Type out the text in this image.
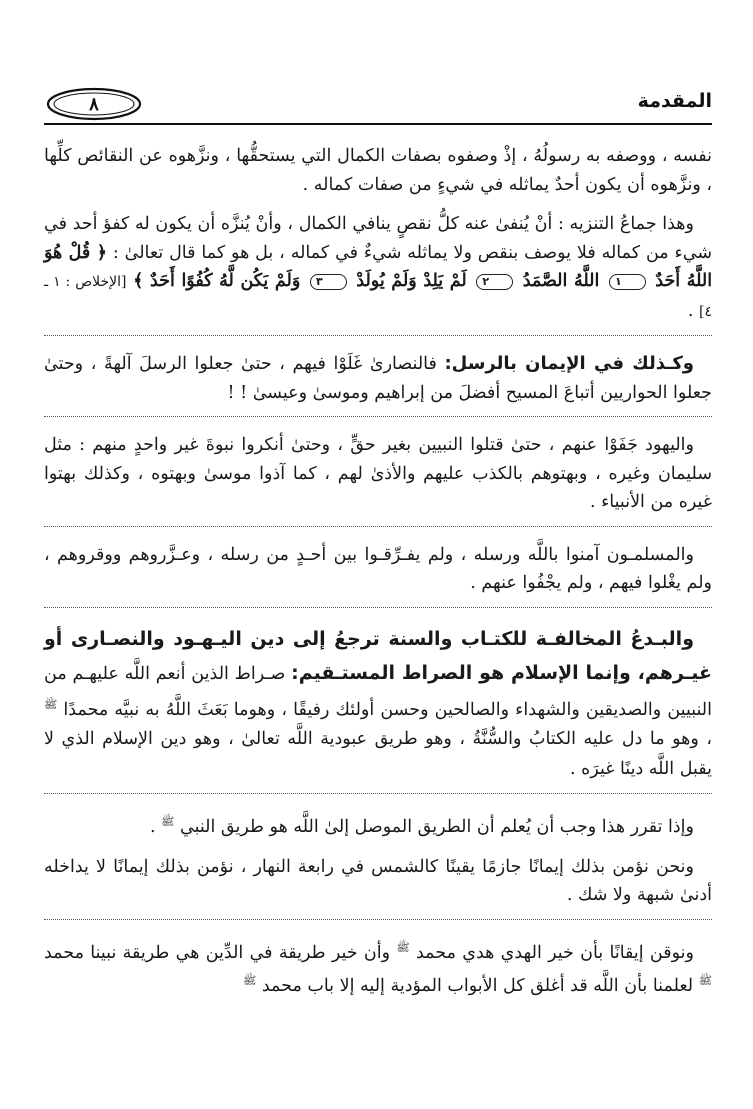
٨	المقدمة

نفسه ، ووصفه به رسولُهُ ، إذْ وصفوه بصفات الكمال التي يستحقُّها ، ونزَّهوه عن النقائص كلِّها ، ونزَّهوه أن يكون أحدٌ يماثله في شيءٍ من صفات كماله .

وهذا جماعُ التنزيه : أنْ يُنفىٰ عنه كلُّ نقصٍ ينافي الكمال ، وأنْ يُنزَّه أن يكون له كفؤ أحد في شيء من كماله فلا يوصف بنقص ولا يماثله شيءٌ في كماله ، بل هو كما قال تعالىٰ : ﴿ قُلْ هُوَ اللَّهُ أَحَدٌ ١ اللَّهُ الصَّمَدُ ٢ لَمْ يَلِدْ وَلَمْ يُولَدْ ٣ وَلَمْ يَكُن لَّهُ كُفُوًا أَحَدٌ ﴾ [الإخلاص : ١ ـ ٤] .

وكـذلك في الإيمان بالرسل: فالنصارىٰ غَلَوْا فيهم ، حتىٰ جعلوا الرسلَ آلهةً ، وحتىٰ جعلوا الحواريين أتباعَ المسيح أفضلَ من إبراهيم وموسىٰ وعيسىٰ ! !

واليهود جَفَوْا عنهم ، حتىٰ قتلوا النبيين بغير حقٍّ ، وحتىٰ أنكروا نبوةَ غير واحدٍ منهم : مثل سليمان وغيره ، وبهتوهم بالكذب عليهم والأذىٰ لهم ، كما آذوا موسىٰ وبهتوه ، وكذلك بهتوا غيره من الأنبياء .

والمسلمـون آمنوا باللَّه ورسله ، ولم يفـرِّقـوا بين أحـدٍ من رسله ، وعـزَّروهم ووقروهم ، ولم يغْلوا فيهم ، ولم يجْفُوا عنهم .

والبـدعُ المخالفـة للكتـاب والسنة ترجعُ إلى دين اليـهـود والنصـارى أو غيـرهم، وإنما الإسلام هو الصراط المستـقيم: صـراط الذين أنعم اللَّه عليهـم من النبيين والصديقين والشهداء والصالحين وحسن أولئك رفيقًا ، وهوما بَعَثَ اللَّهُ به نبيَّه محمدًا $^ﷺ$ ، وهو ما دل عليه الكتابُ والسُّنَّةُ ، وهو طريق عبودية اللَّه تعالىٰ ، وهو دين الإسلام الذي لا يقبل اللَّه دينًا غيرَه .

وإذا تقرر هذا وجب أن يُعلم أن الطريق الموصل إلىٰ اللَّه هو طريق النبي $^ﷺ$ .

ونحن نؤمن بذلك إيمانًا جازمًا يقينًا كالشمس في رابعة النهار ، نؤمن بذلك إيمانًا لا يداخله أدنىٰ شبهة ولا شك .

ونوقن إيقانًا بأن خير الهدي هدي محمد $^ﷺ$ وأن خير طريقة في الدِّين هي طريقة نبينا محمد $^ﷺ$ لعلمنا بأن اللَّه قد أغلق كل الأبواب المؤدية إليه إلا باب محمد $^ﷺ$
